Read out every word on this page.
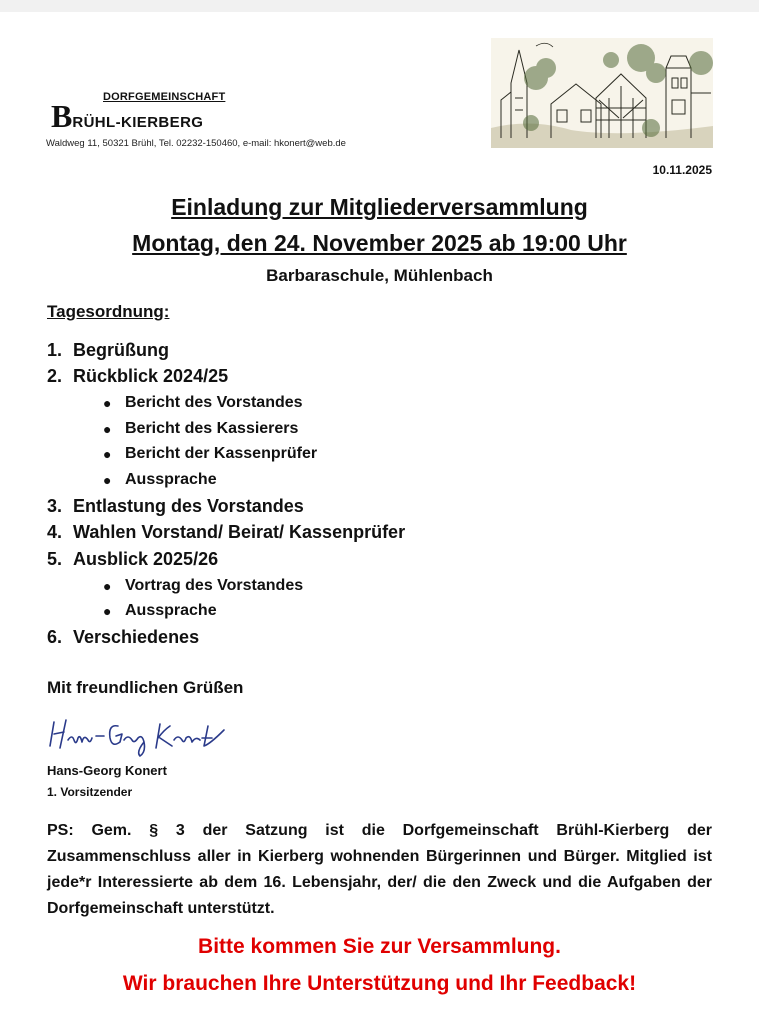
DORFGEMEINSCHAFT
BRÜHL-KIERBERG
Waldweg 11, 50321 Brühl, Tel. 02232-150460, e-mail: hkonert@web.de
10.11.2025
Einladung zur Mitgliederversammlung
Montag, den 24. November 2025 ab 19:00 Uhr
Barbaraschule, Mühlenbach
Tagesordnung:
1. Begrüßung
2. Rückblick 2024/25
● Bericht des Vorstandes
● Bericht des Kassierers
● Bericht der Kassenprüfer
● Aussprache
3. Entlastung des Vorstandes
4. Wahlen Vorstand/ Beirat/ Kassenprüfer
5. Ausblick 2025/26
● Vortrag des Vorstandes
● Aussprache
6. Verschiedenes
Mit freundlichen Grüßen
Hans-Georg Konert
1. Vorsitzender
PS: Gem. § 3 der Satzung ist die Dorfgemeinschaft Brühl-Kierberg der Zusammenschluss aller in Kierberg wohnenden Bürgerinnen und Bürger. Mitglied ist jede*r Interessierte ab dem 16. Lebensjahr, der/ die den Zweck und die Aufgaben der Dorfgemeinschaft unterstützt.
Bitte kommen Sie zur Versammlung.
Wir brauchen Ihre Unterstützung und Ihr Feedback!
